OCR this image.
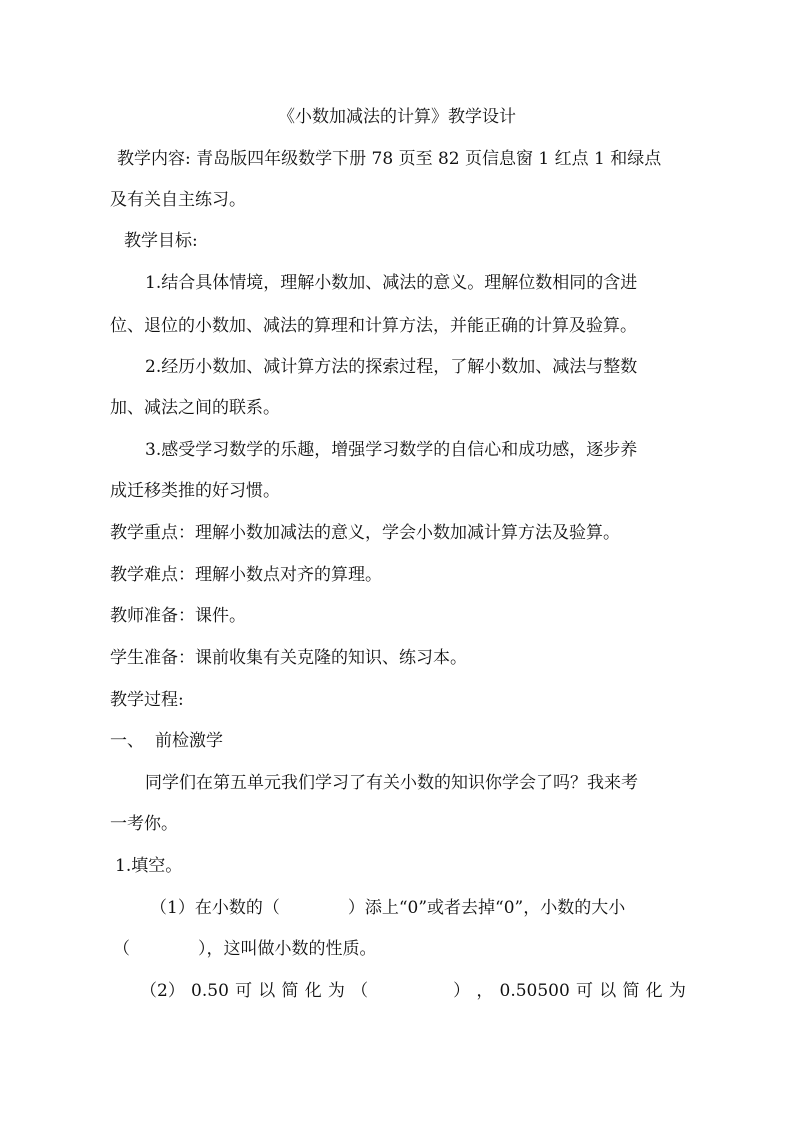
《小数加减法的计算》教学设计
教学内容: 青岛版四年级数学下册 78 页至 82 页信息窗 1 红点 1 和绿点
及有关自主练习。
教学目标:
1.结合具体情境，理解小数加、减法的意义。理解位数相同的含进
位、退位的小数加、减法的算理和计算方法，并能正确的计算及验算。
2.经历小数加、减计算方法的探索过程，了解小数加、减法与整数
加、减法之间的联系。
3.感受学习数学的乐趣，增强学习数学的自信心和成功感，逐步养
成迁移类推的好习惯。
教学重点：理解小数加减法的意义，学会小数加减计算方法及验算。
教学难点：理解小数点对齐的算理。
教师准备：课件。
学生准备：课前收集有关克隆的知识、练习本。
教学过程:
一、 前检激学
同学们在第五单元我们学习了有关小数的知识你学会了吗？我来考
一考你。
1.填空。
（1）在小数的（　　　　）添上“0”或者去掉“0”，小数的大小
（　　　　），这叫做小数的性质。
（2） 0.50 可 以 简 化 为 （　　　　　） ， 0.50500 可 以 简 化 为
